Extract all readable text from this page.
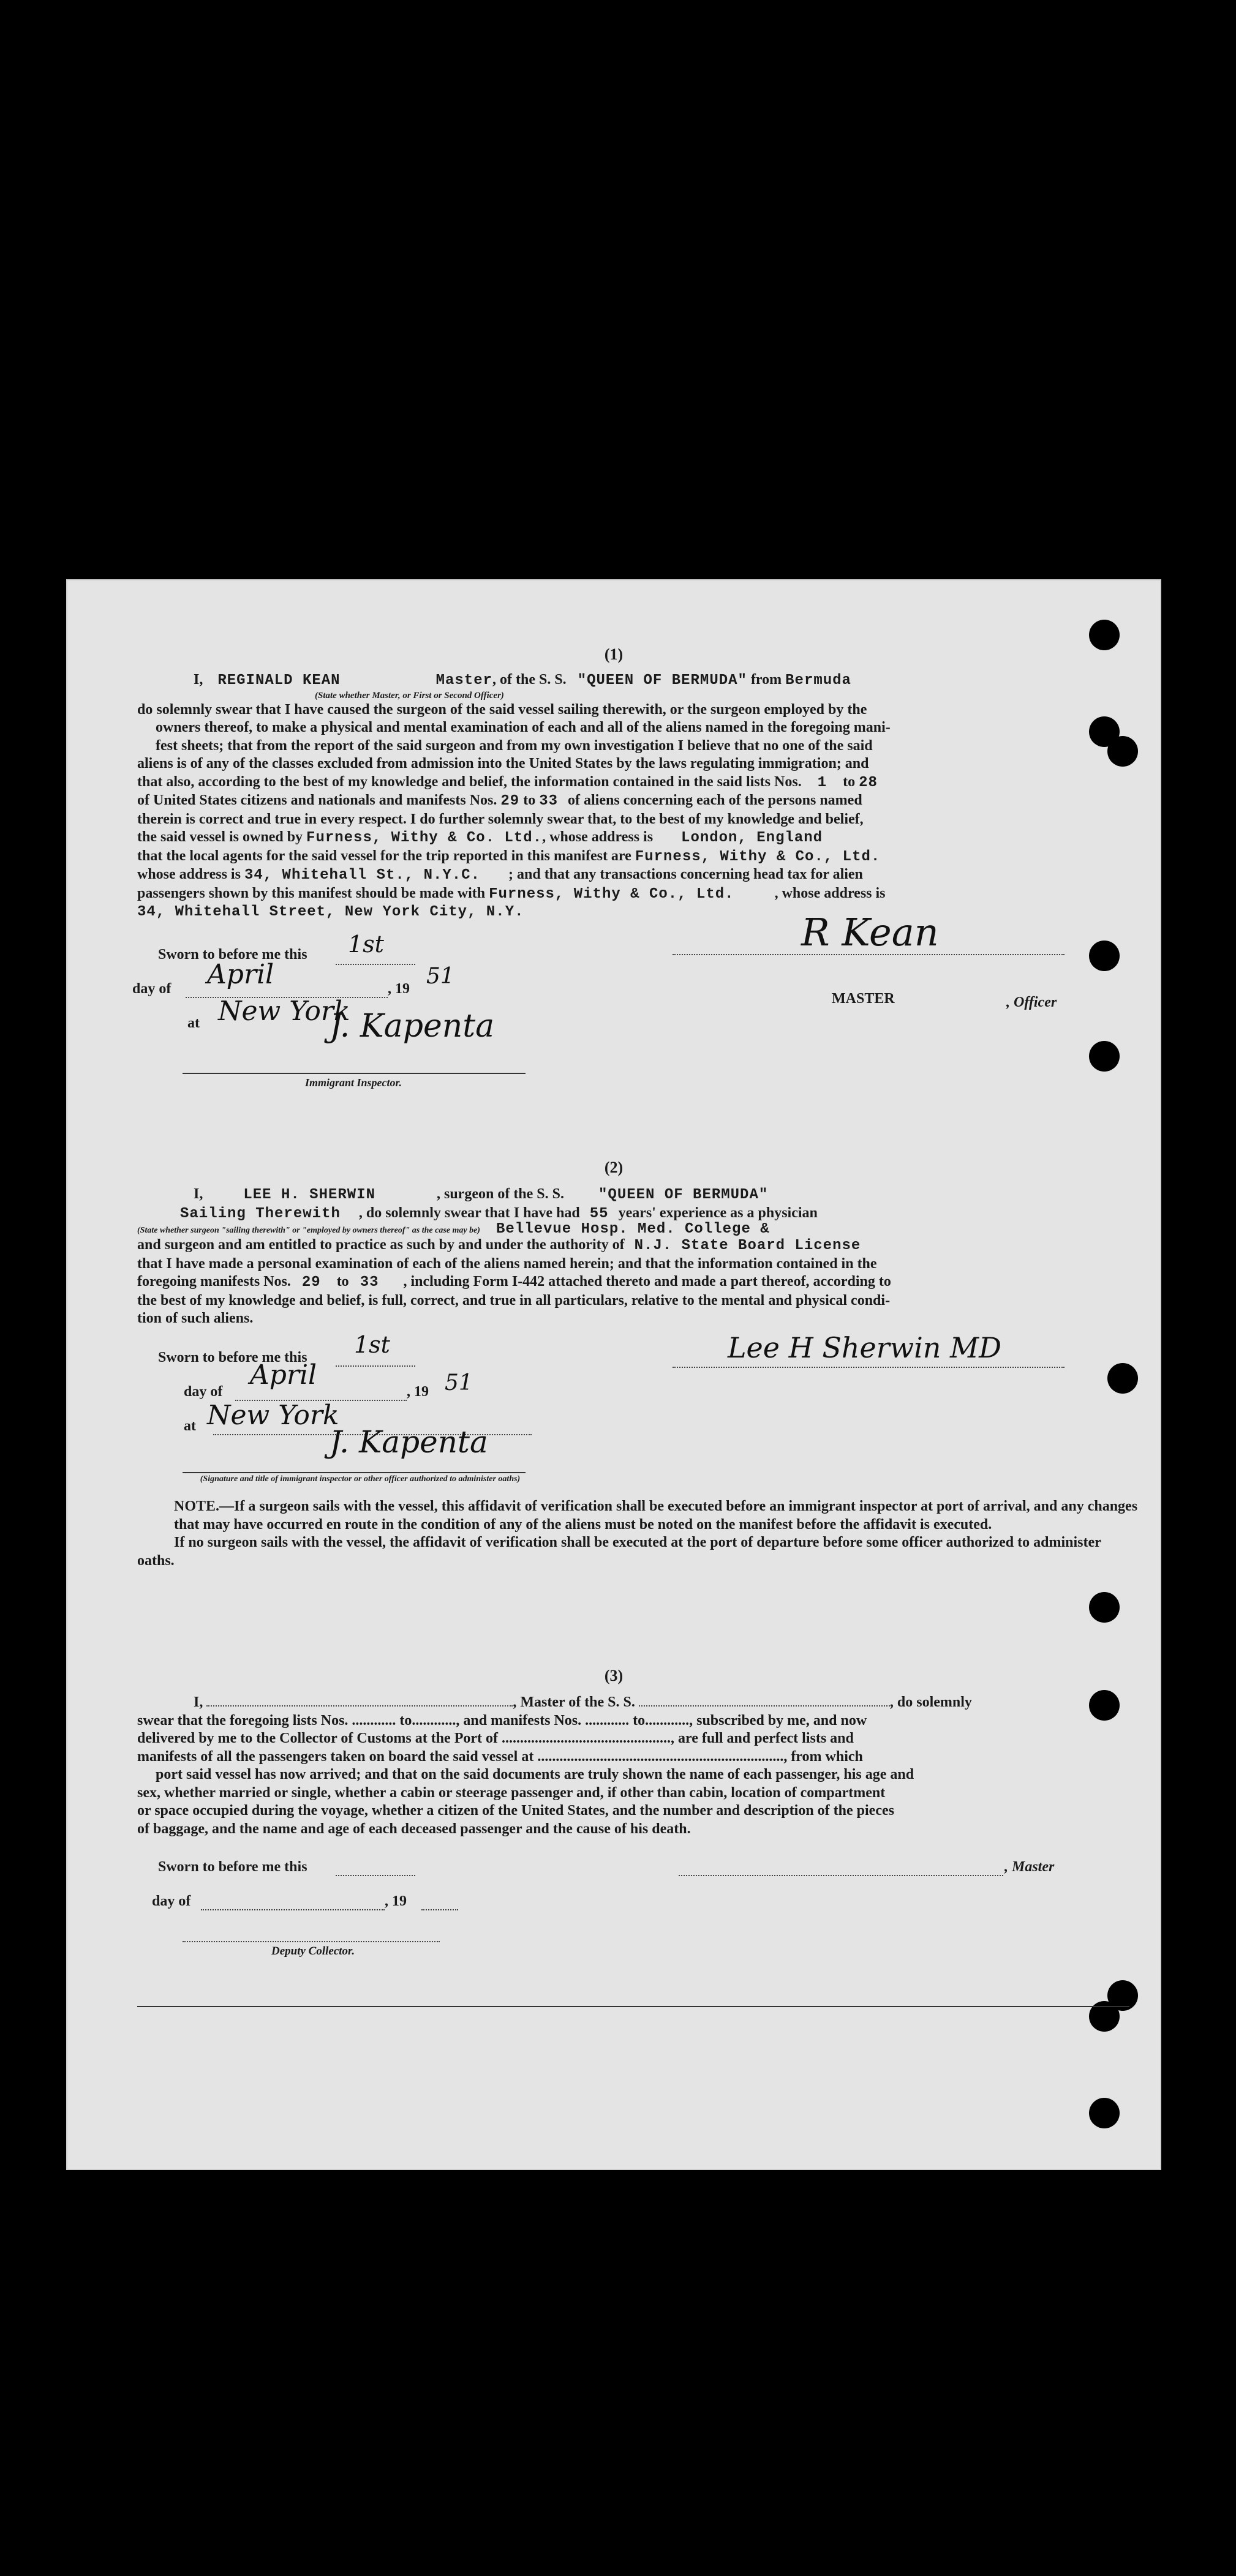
(1)

I, REGINALD KEAN	Master, of the S. S. "QUEEN OF BERMUDA" from Bermuda

(State whether Master, or First or Second Officer)

do solemnly swear that I have caused the surgeon of the said vessel sailing therewith, or the surgeon employed by the

owners thereof, to make a physical and mental examination of each and all of the aliens named in the foregoing mani-

fest sheets; that from the report of the said surgeon and from my own investigation I believe that no one of the said

aliens is of any of the classes excluded from admission into the United States by the laws regulating immigration; and

that also, according to the best of my knowledge and belief, the information contained in the said lists Nos. 1 to 28

of United States citizens and nationals and manifests Nos. 29 to 33 of aliens concerning each of the persons named

therein is correct and true in every respect. I do further solemnly swear that, to the best of my knowledge and belief,

the said vessel is owned by Furness, Withy & Co. Ltd., whose address is London, England

that the local agents for the said vessel for the trip reported in this manifest are Furness, Withy & Co., Ltd.

whose address is 34, Whitehall St., N.Y.C. ; and that any transactions concerning head tax for alien

passengers shown by this manifest should be made with Furness, Withy & Co., Ltd.	, whose address is

34, Whitehall Street, New York City, N.Y.

Sworn to before me this 1st
day of April	, 19 51
at New York
J. Kapenta
Immigrant Inspector.
R Kean
MASTER	, Officer
(2)

I,	LEE H. SHERWIN	, surgeon of the S. S. "QUEEN OF BERMUDA"

Sailing Therewith , do solemnly swear that I have had 55 years' experience as a physician

(State whether surgeon "sailing therewith" or "employed by owners thereof" as the case may be) Bellevue Hosp. Med. College &

and surgeon and am entitled to practice as such by and under the authority of N.J. State Board License

that I have made a personal examination of each of the aliens named herein; and that the information contained in the

foregoing manifests Nos. 29 to 33 , including Form I-442 attached thereto and made a part thereof, according to

the best of my knowledge and belief, is full, correct, and true in all particulars, relative to the mental and physical condi-

tion of such aliens.

Sworn to before me this 1st	Lee H Sherwin MD
day of
April
, 19 51
at New York
J. Kapenta
(Signature and title of immigrant inspector or other officer authorized to administer oaths)

NOTE.—If a surgeon sails with the vessel, this affidavit of verification shall be executed before an immigrant inspector at port of arrival, and any changes that may have occurred en route in the condition of any of the aliens must be noted on the manifest before the affidavit is executed.

If no surgeon sails with the vessel, the affidavit of verification shall be executed at the port of departure before some officer authorized to administer oaths.

(3)

I,	, Master of the S. S.	, do solemnly

swear that the foregoing lists Nos. ............ to............, and manifests Nos. ............ to............, subscribed by me, and now

delivered by me to the Collector of Customs at the Port of .............................................., are full and perfect lists and

manifests of all the passengers taken on board the said vessel at ..................................................................., from which

port said vessel has now arrived; and that on the said documents are truly shown the name of each passenger, his age and

sex, whether married or single, whether a cabin or steerage passenger and, if other than cabin, location of compartment

or space occupied during the voyage, whether a citizen of the United States, and the number and description of the pieces

of baggage, and the name and age of each deceased passenger and the cause of his death.

Sworn to before me this	, Master
day of	, 19
Deputy Collector.
